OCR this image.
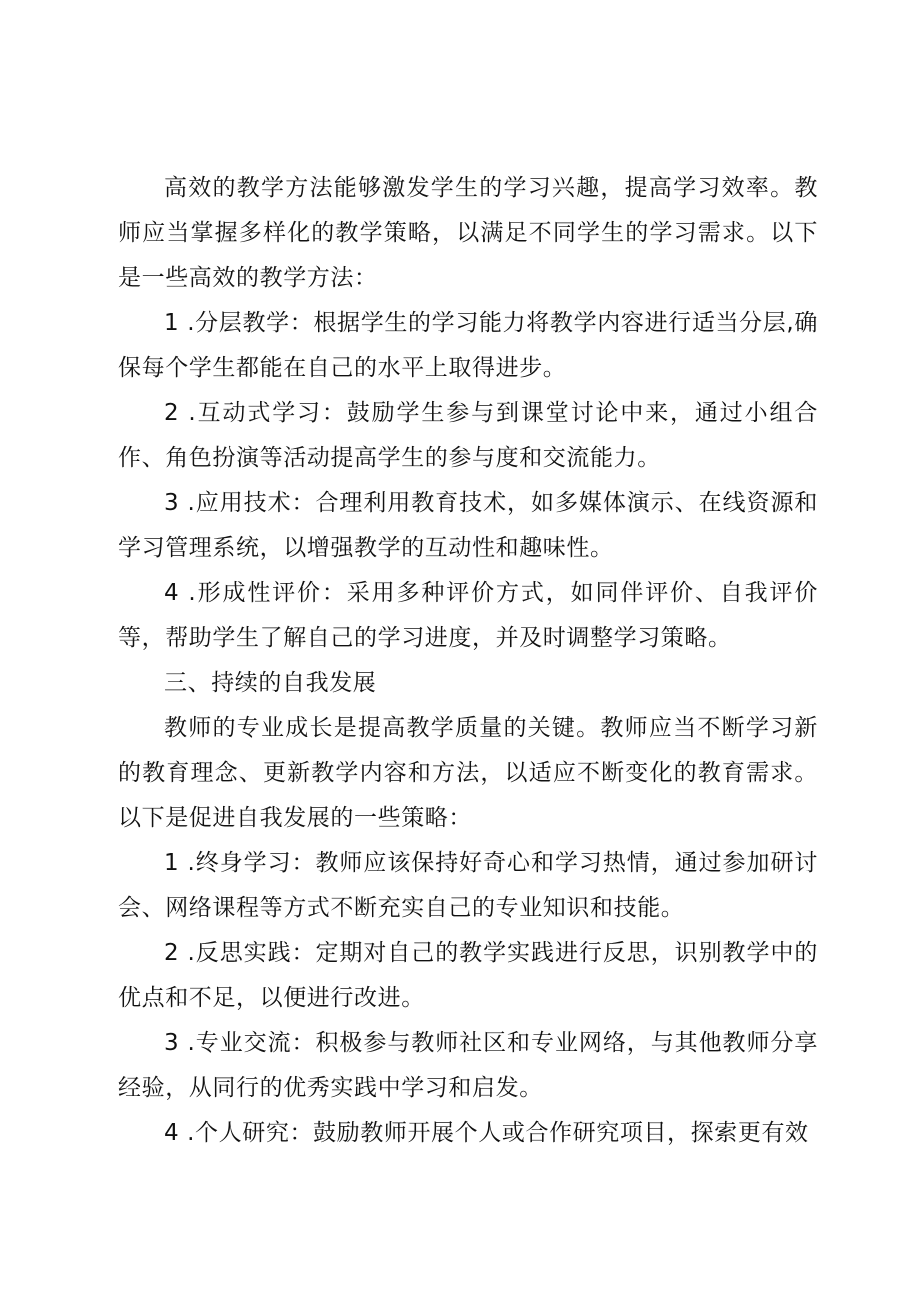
高效的教学方法能够激发学生的学习兴趣，提高学习效率。教师应当掌握多样化的教学策略，以满足不同学生的学习需求。以下是一些高效的教学方法：

1 .分层教学：根据学生的学习能力将教学内容进行适当分层,确保每个学生都能在自己的水平上取得进步。

2 .互动式学习：鼓励学生参与到课堂讨论中来，通过小组合作、角色扮演等活动提高学生的参与度和交流能力。

3 .应用技术：合理利用教育技术，如多媒体演示、在线资源和学习管理系统，以增强教学的互动性和趣味性。

4 .形成性评价：采用多种评价方式，如同伴评价、自我评价等，帮助学生了解自己的学习进度，并及时调整学习策略。

三、持续的自我发展

教师的专业成长是提高教学质量的关键。教师应当不断学习新的教育理念、更新教学内容和方法，以适应不断变化的教育需求。以下是促进自我发展的一些策略：

1 .终身学习：教师应该保持好奇心和学习热情，通过参加研讨会、网络课程等方式不断充实自己的专业知识和技能。

2 .反思实践：定期对自己的教学实践进行反思，识别教学中的优点和不足，以便进行改进。

3 .专业交流：积极参与教师社区和专业网络，与其他教师分享经验，从同行的优秀实践中学习和启发。

4 .个人研究：鼓励教师开展个人或合作研究项目，探索更有效
